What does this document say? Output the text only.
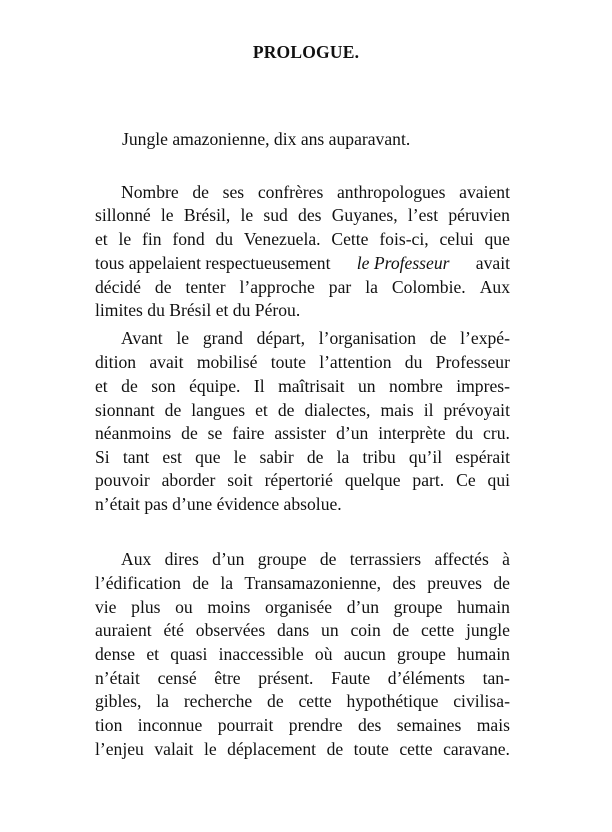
PROLOGUE.
Jungle amazonienne, dix ans auparavant.
Nombre de ses confrères anthropologues avaient
sillonné le Brésil, le sud des Guyanes, l’est péruvien
et le fin fond du Venezuela. Cette fois-ci, celui que
tous appelaient respectueusement le Professeur avait
décidé de tenter l’approche par la Colombie. Aux
limites du Brésil et du Pérou.
Avant le grand départ, l’organisation de l’expé-
dition avait mobilisé toute l’attention du Professeur
et de son équipe. Il maîtrisait un nombre impres-
sionnant de langues et de dialectes, mais il prévoyait
néanmoins de se faire assister d’un interprète du cru.
Si tant est que le sabir de la tribu qu’il espérait
pouvoir aborder soit répertorié quelque part. Ce qui
n’était pas d’une évidence absolue.
Aux dires d’un groupe de terrassiers affectés à
l’édification de la Transamazonienne, des preuves de
vie plus ou moins organisée d’un groupe humain
auraient été observées dans un coin de cette jungle
dense et quasi inaccessible où aucun groupe humain
n’était censé être présent. Faute d’éléments tan-
gibles, la recherche de cette hypothétique civilisa-
tion inconnue pourrait prendre des semaines mais
l’enjeu valait le déplacement de toute cette caravane.
